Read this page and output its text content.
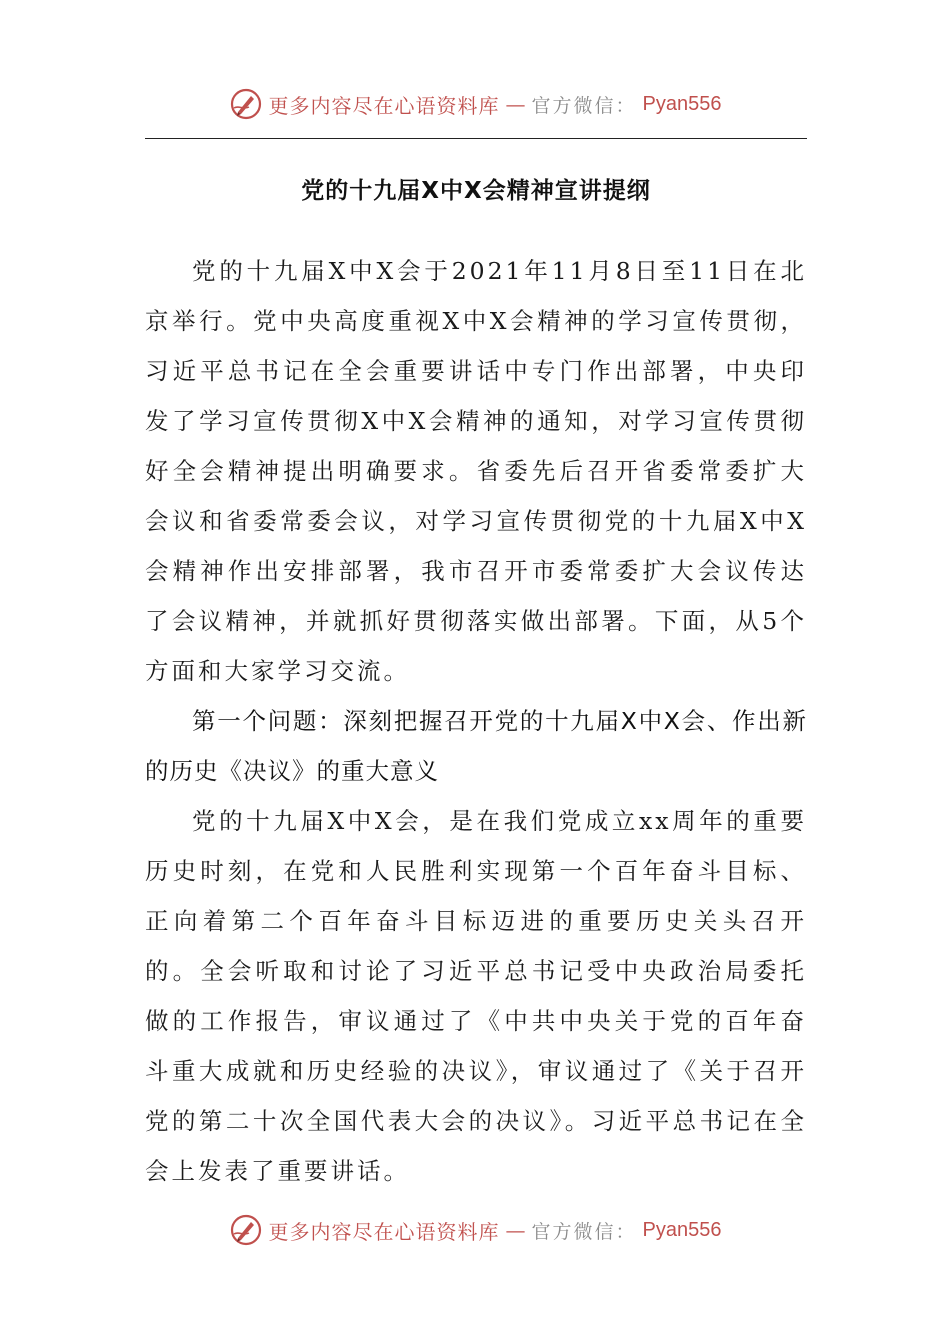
更多内容尽在心语资料库 — 官方微信： Pyan556
党的十九届X中X会精神宣讲提纲

党的十九届X中X会于2021年11月8日至11日在北京举行。党中央高度重视X中X会精神的学习宣传贯彻，习近平总书记在全会重要讲话中专门作出部署，中央印发了学习宣传贯彻X中X会精神的通知，对学习宣传贯彻好全会精神提出明确要求。省委先后召开省委常委扩大会议和省委常委会议，对学习宣传贯彻党的十九届X中X会精神作出安排部署，我市召开市委常委扩大会议传达了会议精神，并就抓好贯彻落实做出部署。下面，从5个方面和大家学习交流。

第一个问题：深刻把握召开党的十九届X中X会、作出新的历史《决议》的重大意义

党的十九届X中X会，是在我们党成立xx周年的重要历史时刻，在党和人民胜利实现第一个百年奋斗目标、正向着第二个百年奋斗目标迈进的重要历史关头召开的。全会听取和讨论了习近平总书记受中央政治局委托做的工作报告，审议通过了《中共中央关于党的百年奋斗重大成就和历史经验的决议》，审议通过了《关于召开党的第二十次全国代表大会的决议》。习近平总书记在全会上发表了重要讲话。

更多内容尽在心语资料库 — 官方微信： Pyan556
